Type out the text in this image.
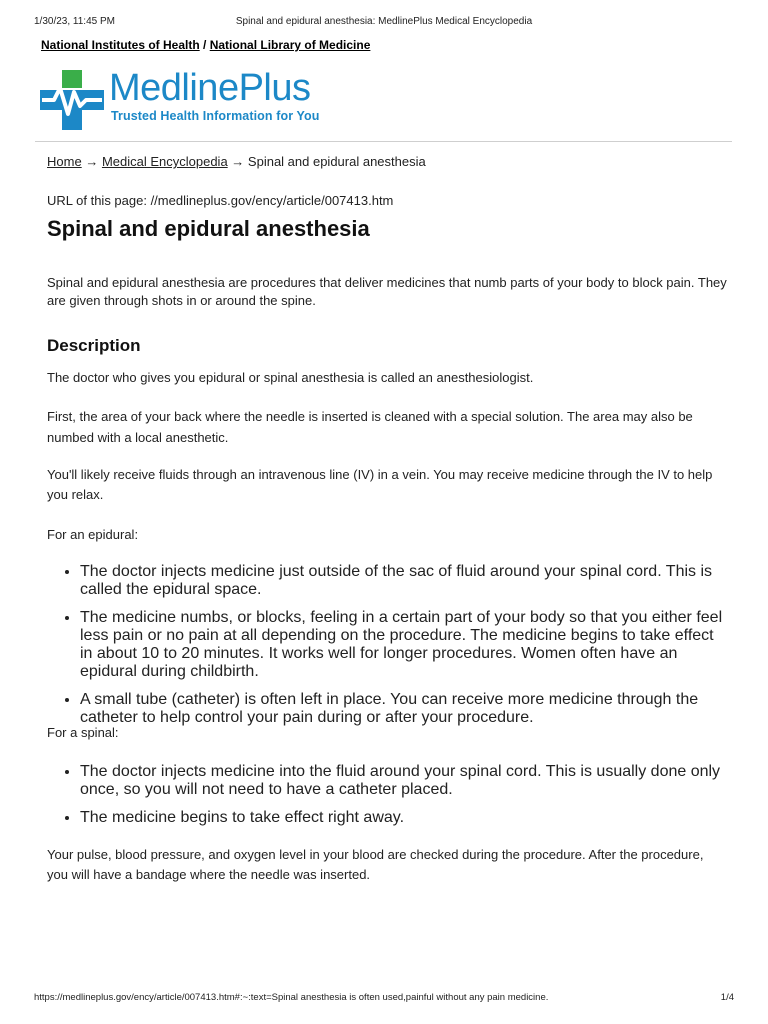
1/30/23, 11:45 PM	Spinal and epidural anesthesia: MedlinePlus Medical Encyclopedia
National Institutes of Health / National Library of Medicine
MedlinePlus
Trusted Health Information for You
Home → Medical Encyclopedia → Spinal and epidural anesthesia
URL of this page: //medlineplus.gov/ency/article/007413.htm
Spinal and epidural anesthesia

Spinal and epidural anesthesia are procedures that deliver medicines that numb parts of your body to block pain. They are given through shots in or around the spine.

Description

The doctor who gives you epidural or spinal anesthesia is called an anesthesiologist.

First, the area of your back where the needle is inserted is cleaned with a special solution. The area may also be numbed with a local anesthetic.

You'll likely receive fluids through an intravenous line (IV) in a vein. You may receive medicine through the IV to help you relax.

For an epidural:

• The doctor injects medicine just outside of the sac of fluid around your spinal cord. This is called the epidural space.
• The medicine numbs, or blocks, feeling in a certain part of your body so that you either feel less pain or no pain at all depending on the procedure. The medicine begins to take effect in about 10 to 20 minutes. It works well for longer procedures. Women often have an epidural during childbirth.
• A small tube (catheter) is often left in place. You can receive more medicine through the catheter to help control your pain during or after your procedure.

For a spinal:

• The doctor injects medicine into the fluid around your spinal cord. This is usually done only once, so you will not need to have a catheter placed.
• The medicine begins to take effect right away.

Your pulse, blood pressure, and oxygen level in your blood are checked during the procedure. After the procedure, you will have a bandage where the needle was inserted.

https://medlineplus.gov/ency/article/007413.htm#:~:text=Spinal anesthesia is often used,painful without any pain medicine.	1/4
